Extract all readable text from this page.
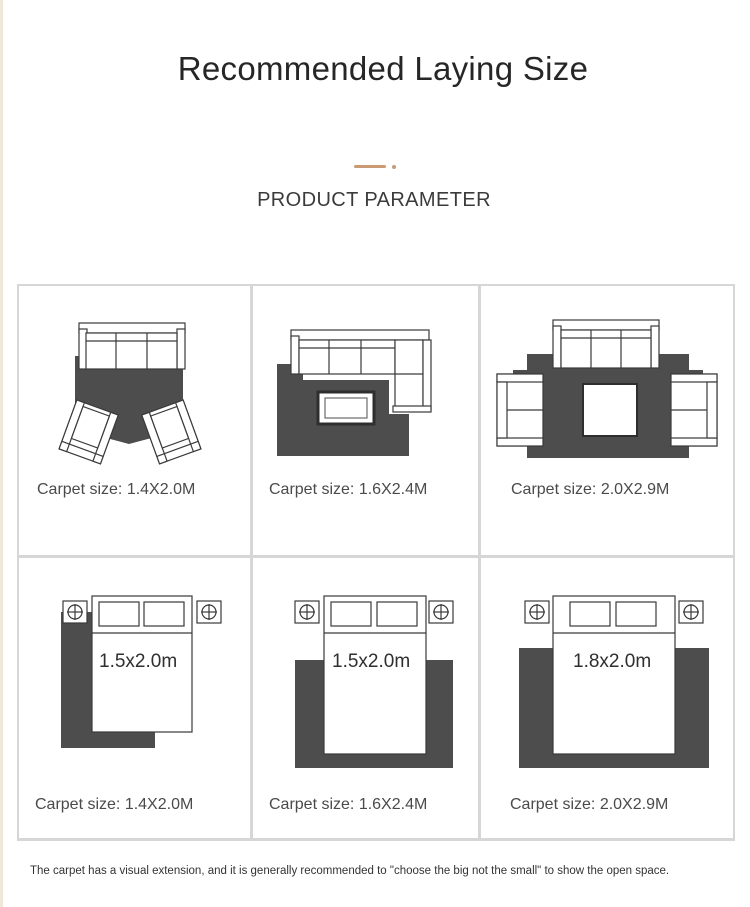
Recommended Laying Size
PRODUCT PARAMETER
Carpet size: 1.4X2.0M	Carpet size: 1.6X2.4M	Carpet size: 2.0X2.9M
1.5x2.0m
Carpet size: 1.4X2.0M
1.5x2.0m
Carpet size: 1.6X2.4M
1.8x2.0m
Carpet size: 2.0X2.9M
The carpet has a visual extension, and it is generally recommended to "choose the big not the small" to show the open space.
